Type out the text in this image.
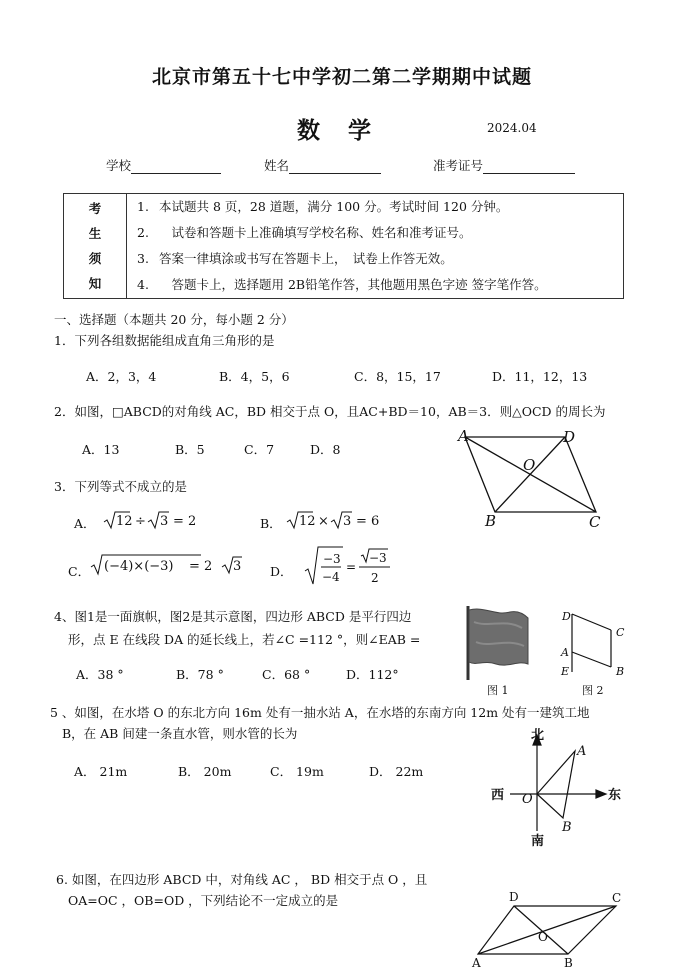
北京市第五十七中学初二第二学期期中试题
数 学	2024.04
学校	姓名	准考证号
考
生
须
知

1. 本试题共 8 页，28 道题，满分 100 分。考试时间 120 分钟。
2.　试卷和答题卡上准确填写学校名称、姓名和准考证号。
3. 答案一律填涂或书写在答题卡上，　试卷上作答无效。
4.　答题卡上，选择题用 2B铅笔作答，其他题用黑色字迹 签字笔作答。
一、选择题（本题共 20 分，每小题 2 分）
1．下列各组数据能组成直角三角形的是
A．2，3，4	B．4，5，6	C．8，15，17	D．11，12，13
2．如图，□ABCD的对角线 AC，BD 相交于点 O，且AC+BD＝10，AB＝3．则△OCD 的周长为
A．13	B．5	C．7	D．8
A	D
O
B	C
3．下列等式不成立的是
A． 12 ÷ 3 = 2	B． 12 × 3 = 6
C． (−4)×(−3) = 2 3 D．
−3
−4
=
−3
2
4、图1是一面旗帜，图2是其示意图，四边形 ABCD 是平行四边
形，点 E 在线段 DA 的延长线上，若∠C =112 °，则∠EAB =
A．38 °	B．78 °	C．68 °	D．112°
图 1
D
C
A
E	B
图 2
5 、如图，在水塔 O 的东北方向 16m 处有一抽水站 A，在水塔的东南方向 12m 处有一建筑工地
B，在 AB 间建一条直水管，则水管的长为
A． 21m	B． 20m	C． 19m	D． 22m
北
南
东
西 O
A
B
6. 如图，在四边形 ABCD 中，对角线 AC ， BD 相交于点 O ，且
OA=OC ，OB=OD ，下列结论不一定成立的是	D	C
O
A	B
